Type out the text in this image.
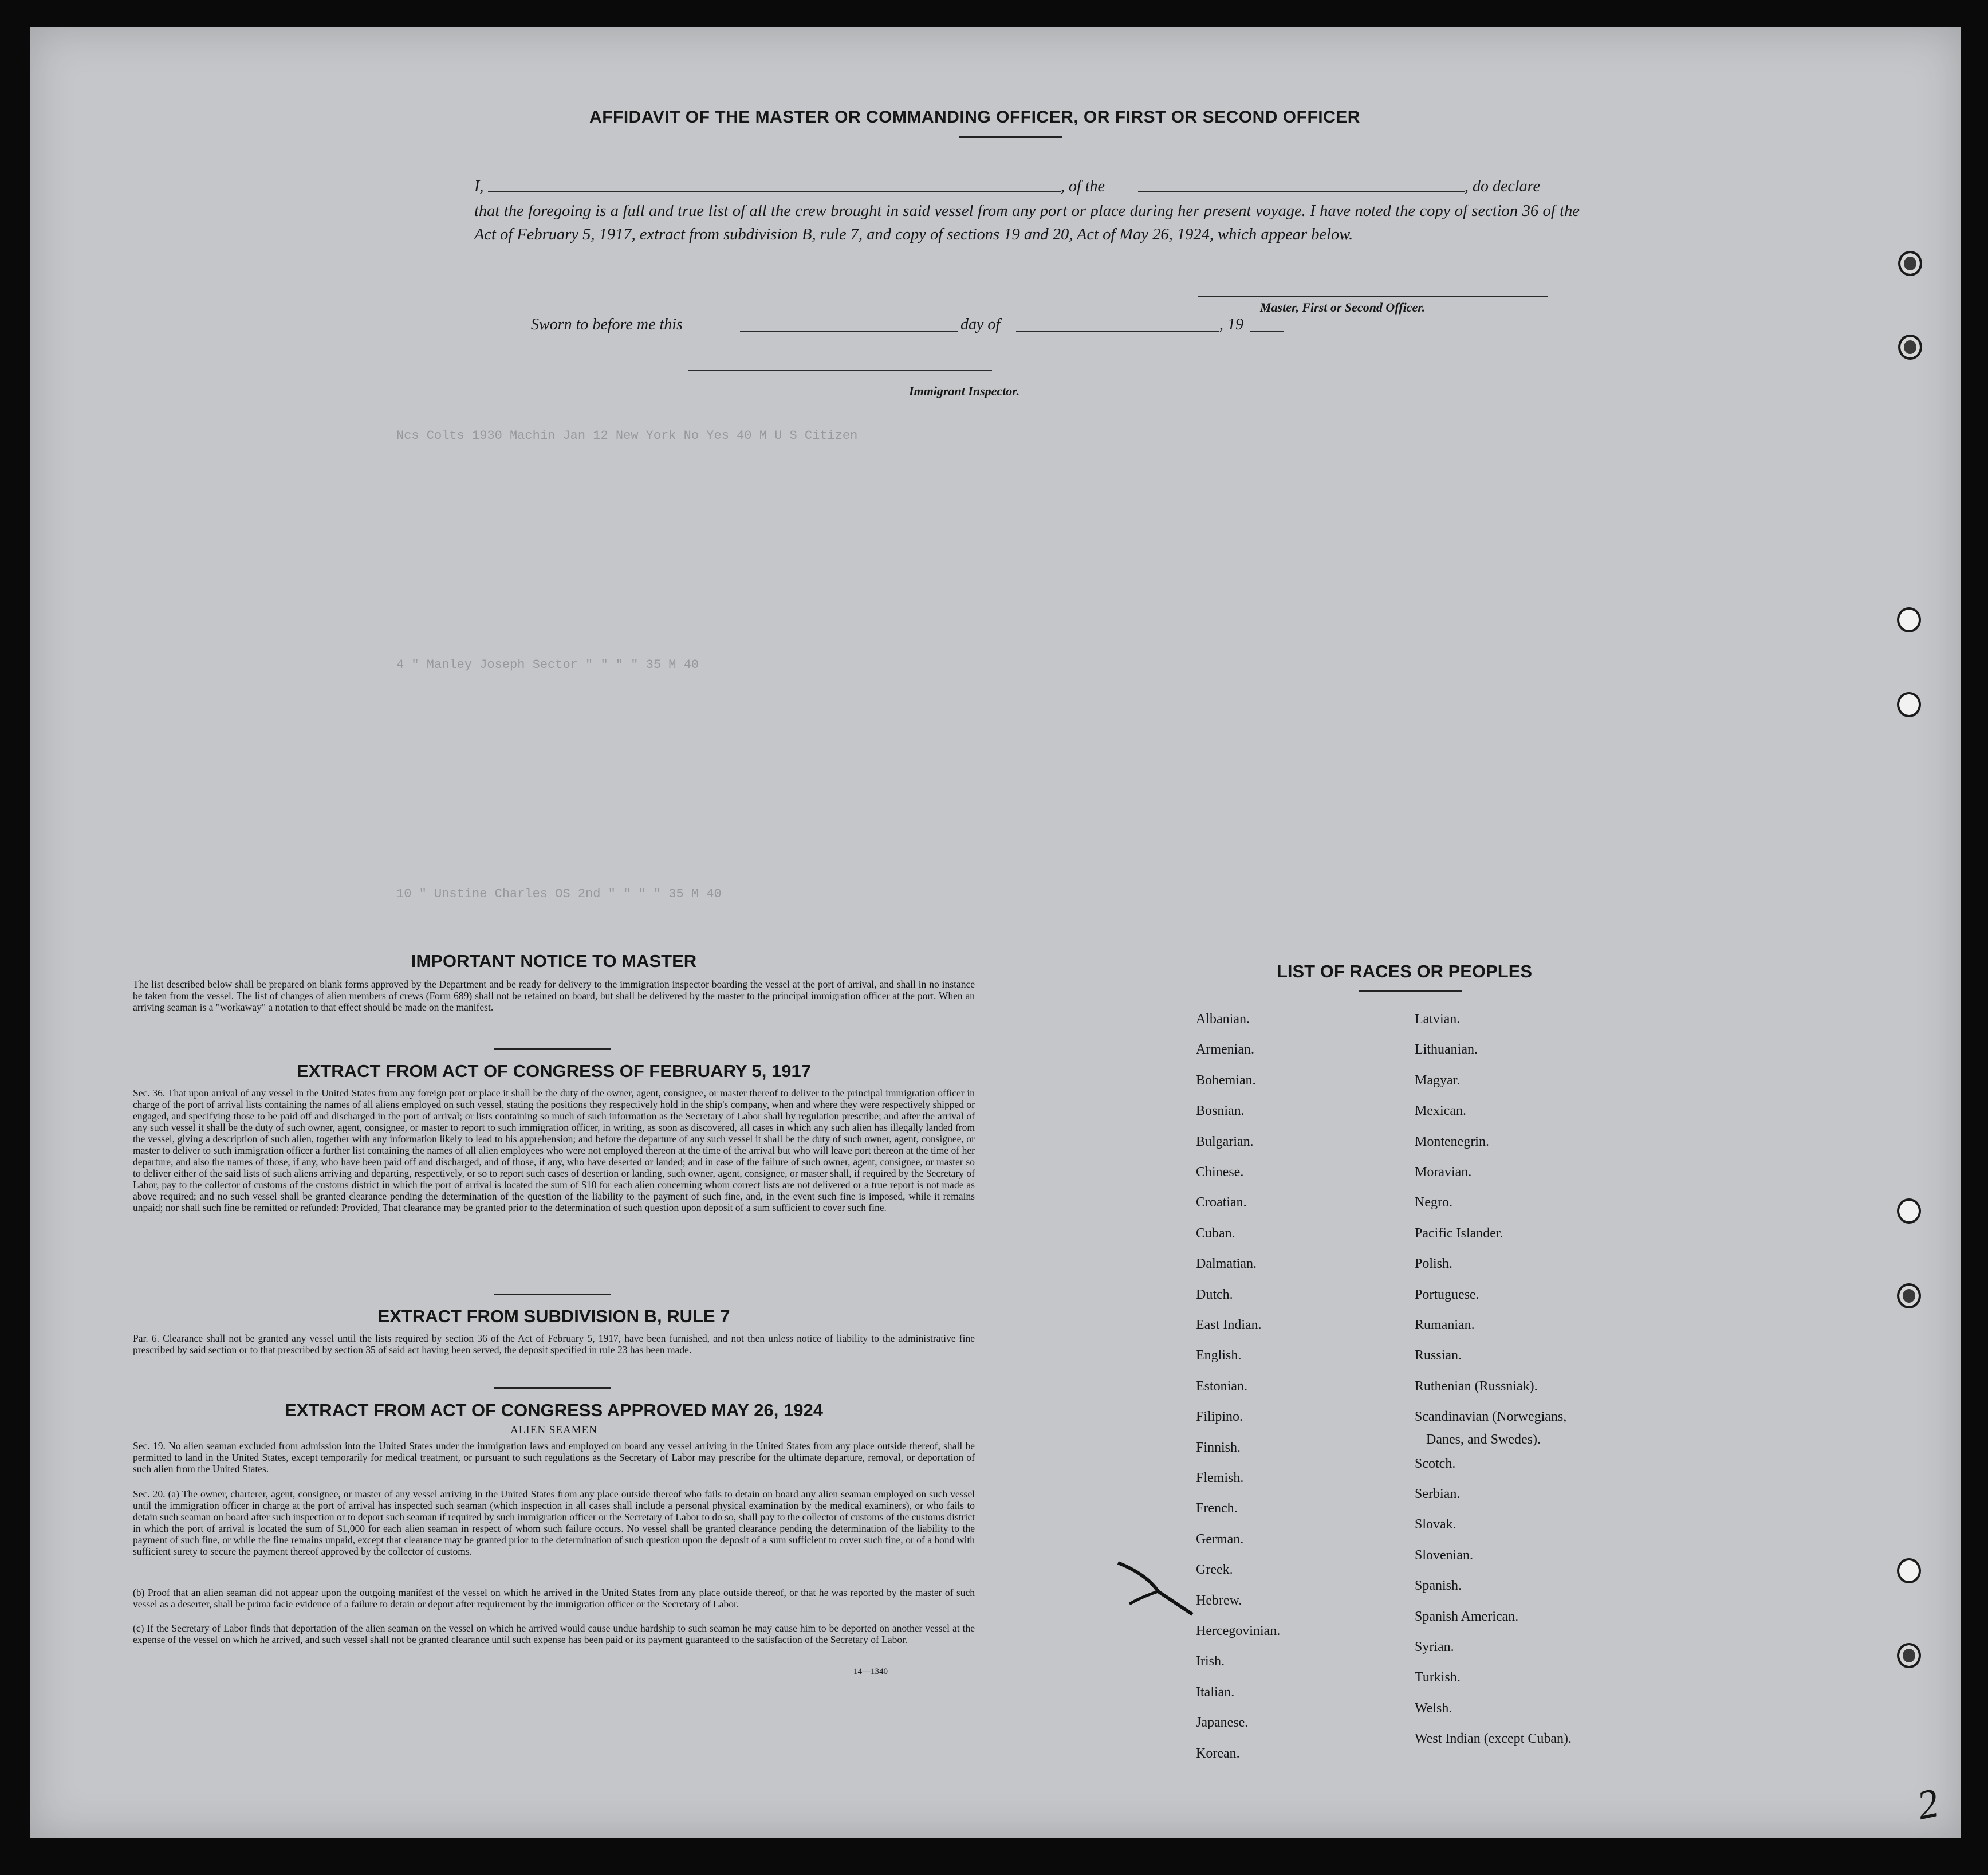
Ncs Colts 1930 Machin Jan 12 New York No Yes 40 M U S Citizen
4 " Manley Joseph Sector " " " " 35 M 40
10 " Unstine Charles OS 2nd " " " " 35 M 40
AFFIDAVIT OF THE MASTER OR COMMANDING OFFICER, OR FIRST OR SECOND OFFICER
I,	, of the	, do declare
that the foregoing is a full and true list of all the crew brought in said vessel from any port or place during her present voyage. I have noted the copy of section 36 of the Act of February 5, 1917, extract from subdivision B, rule 7, and copy of sections 19 and 20, Act of May 26, 1924, which appear below.
Master, First or Second Officer.
Sworn to before me this	day of	, 19
Immigrant Inspector.
IMPORTANT NOTICE TO MASTER
The list described below shall be prepared on blank forms approved by the Department and be ready for delivery to the immigration inspector boarding the vessel at the port of arrival, and shall in no instance be taken from the vessel. The list of changes of alien members of crews (Form 689) shall not be retained on board, but shall be delivered by the master to the principal immigration officer at the port. When an arriving seaman is a "workaway" a notation to that effect should be made on the manifest.
EXTRACT FROM ACT OF CONGRESS OF FEBRUARY 5, 1917
Sec. 36. That upon arrival of any vessel in the United States from any foreign port or place it shall be the duty of the owner, agent, consignee, or master thereof to deliver to the principal immigration officer in charge of the port of arrival lists containing the names of all aliens employed on such vessel, stating the positions they respectively hold in the ship's company, when and where they were respectively shipped or engaged, and specifying those to be paid off and discharged in the port of arrival; or lists containing so much of such information as the Secretary of Labor shall by regulation prescribe; and after the arrival of any such vessel it shall be the duty of such owner, agent, consignee, or master to report to such immigration officer, in writing, as soon as discovered, all cases in which any such alien has illegally landed from the vessel, giving a description of such alien, together with any information likely to lead to his apprehension; and before the departure of any such vessel it shall be the duty of such owner, agent, consignee, or master to deliver to such immigration officer a further list containing the names of all alien employees who were not employed thereon at the time of the arrival but who will leave port thereon at the time of her departure, and also the names of those, if any, who have been paid off and discharged, and of those, if any, who have deserted or landed; and in case of the failure of such owner, agent, consignee, or master so to deliver either of the said lists of such aliens arriving and departing, respectively, or so to report such cases of desertion or landing, such owner, agent, consignee, or master shall, if required by the Secretary of Labor, pay to the collector of customs of the customs district in which the port of arrival is located the sum of $10 for each alien concerning whom correct lists are not delivered or a true report is not made as above required; and no such vessel shall be granted clearance pending the determination of the question of the liability to the payment of such fine, and, in the event such fine is imposed, while it remains unpaid; nor shall such fine be remitted or refunded: Provided, That clearance may be granted prior to the determination of such question upon deposit of a sum sufficient to cover such fine.
EXTRACT FROM SUBDIVISION B, RULE 7
Par. 6. Clearance shall not be granted any vessel until the lists required by section 36 of the Act of February 5, 1917, have been furnished, and not then unless notice of liability to the administrative fine prescribed by said section or to that prescribed by section 35 of said act having been served, the deposit specified in rule 23 has been made.
EXTRACT FROM ACT OF CONGRESS APPROVED MAY 26, 1924
ALIEN SEAMEN
Sec. 19. No alien seaman excluded from admission into the United States under the immigration laws and employed on board any vessel arriving in the United States from any place outside thereof, shall be permitted to land in the United States, except temporarily for medical treatment, or pursuant to such regulations as the Secretary of Labor may prescribe for the ultimate departure, removal, or deportation of such alien from the United States.
Sec. 20. (a) The owner, charterer, agent, consignee, or master of any vessel arriving in the United States from any place outside thereof who fails to detain on board any alien seaman employed on such vessel until the immigration officer in charge at the port of arrival has inspected such seaman (which inspection in all cases shall include a personal physical examination by the medical examiners), or who fails to detain such seaman on board after such inspection or to deport such seaman if required by such immigration officer or the Secretary of Labor to do so, shall pay to the collector of customs of the customs district in which the port of arrival is located the sum of $1,000 for each alien seaman in respect of whom such failure occurs. No vessel shall be granted clearance pending the determination of the liability to the payment of such fine, or while the fine remains unpaid, except that clearance may be granted prior to the determination of such question upon the deposit of a sum sufficient to cover such fine, or of a bond with sufficient surety to secure the payment thereof approved by the collector of customs.
(b) Proof that an alien seaman did not appear upon the outgoing manifest of the vessel on which he arrived in the United States from any place outside thereof, or that he was reported by the master of such vessel as a deserter, shall be prima facie evidence of a failure to detain or deport after requirement by the immigration officer or the Secretary of Labor.
(c) If the Secretary of Labor finds that deportation of the alien seaman on the vessel on which he arrived would cause undue hardship to such seaman he may cause him to be deported on another vessel at the expense of the vessel on which he arrived, and such vessel shall not be granted clearance until such expense has been paid or its payment guaranteed to the satisfaction of the Secretary of Labor.
14—1340
LIST OF RACES OR PEOPLES
Albanian.
Armenian.
Bohemian.
Bosnian.
Bulgarian.
Chinese.
Croatian.
Cuban.
Dalmatian.
Dutch.
East Indian.
English.
Estonian.
Filipino.
Finnish.
Flemish.
French.
German.
Greek.
Hebrew.
Hercegovinian.
Irish.
Italian.
Japanese.
Korean.
Latvian.
Lithuanian.
Magyar.
Mexican.
Montenegrin.
Moravian.
Negro.
Pacific Islander.
Polish.
Portuguese.
Rumanian.
Russian.
Ruthenian (Russniak).
Scandinavian (Norwegians,
Scotch.
Serbian.
Slovak.
Slovenian.
Spanish.
Spanish American.
Syrian.
Turkish.
Welsh.
West Indian (except Cuban).
Danes, and Swedes).
2
